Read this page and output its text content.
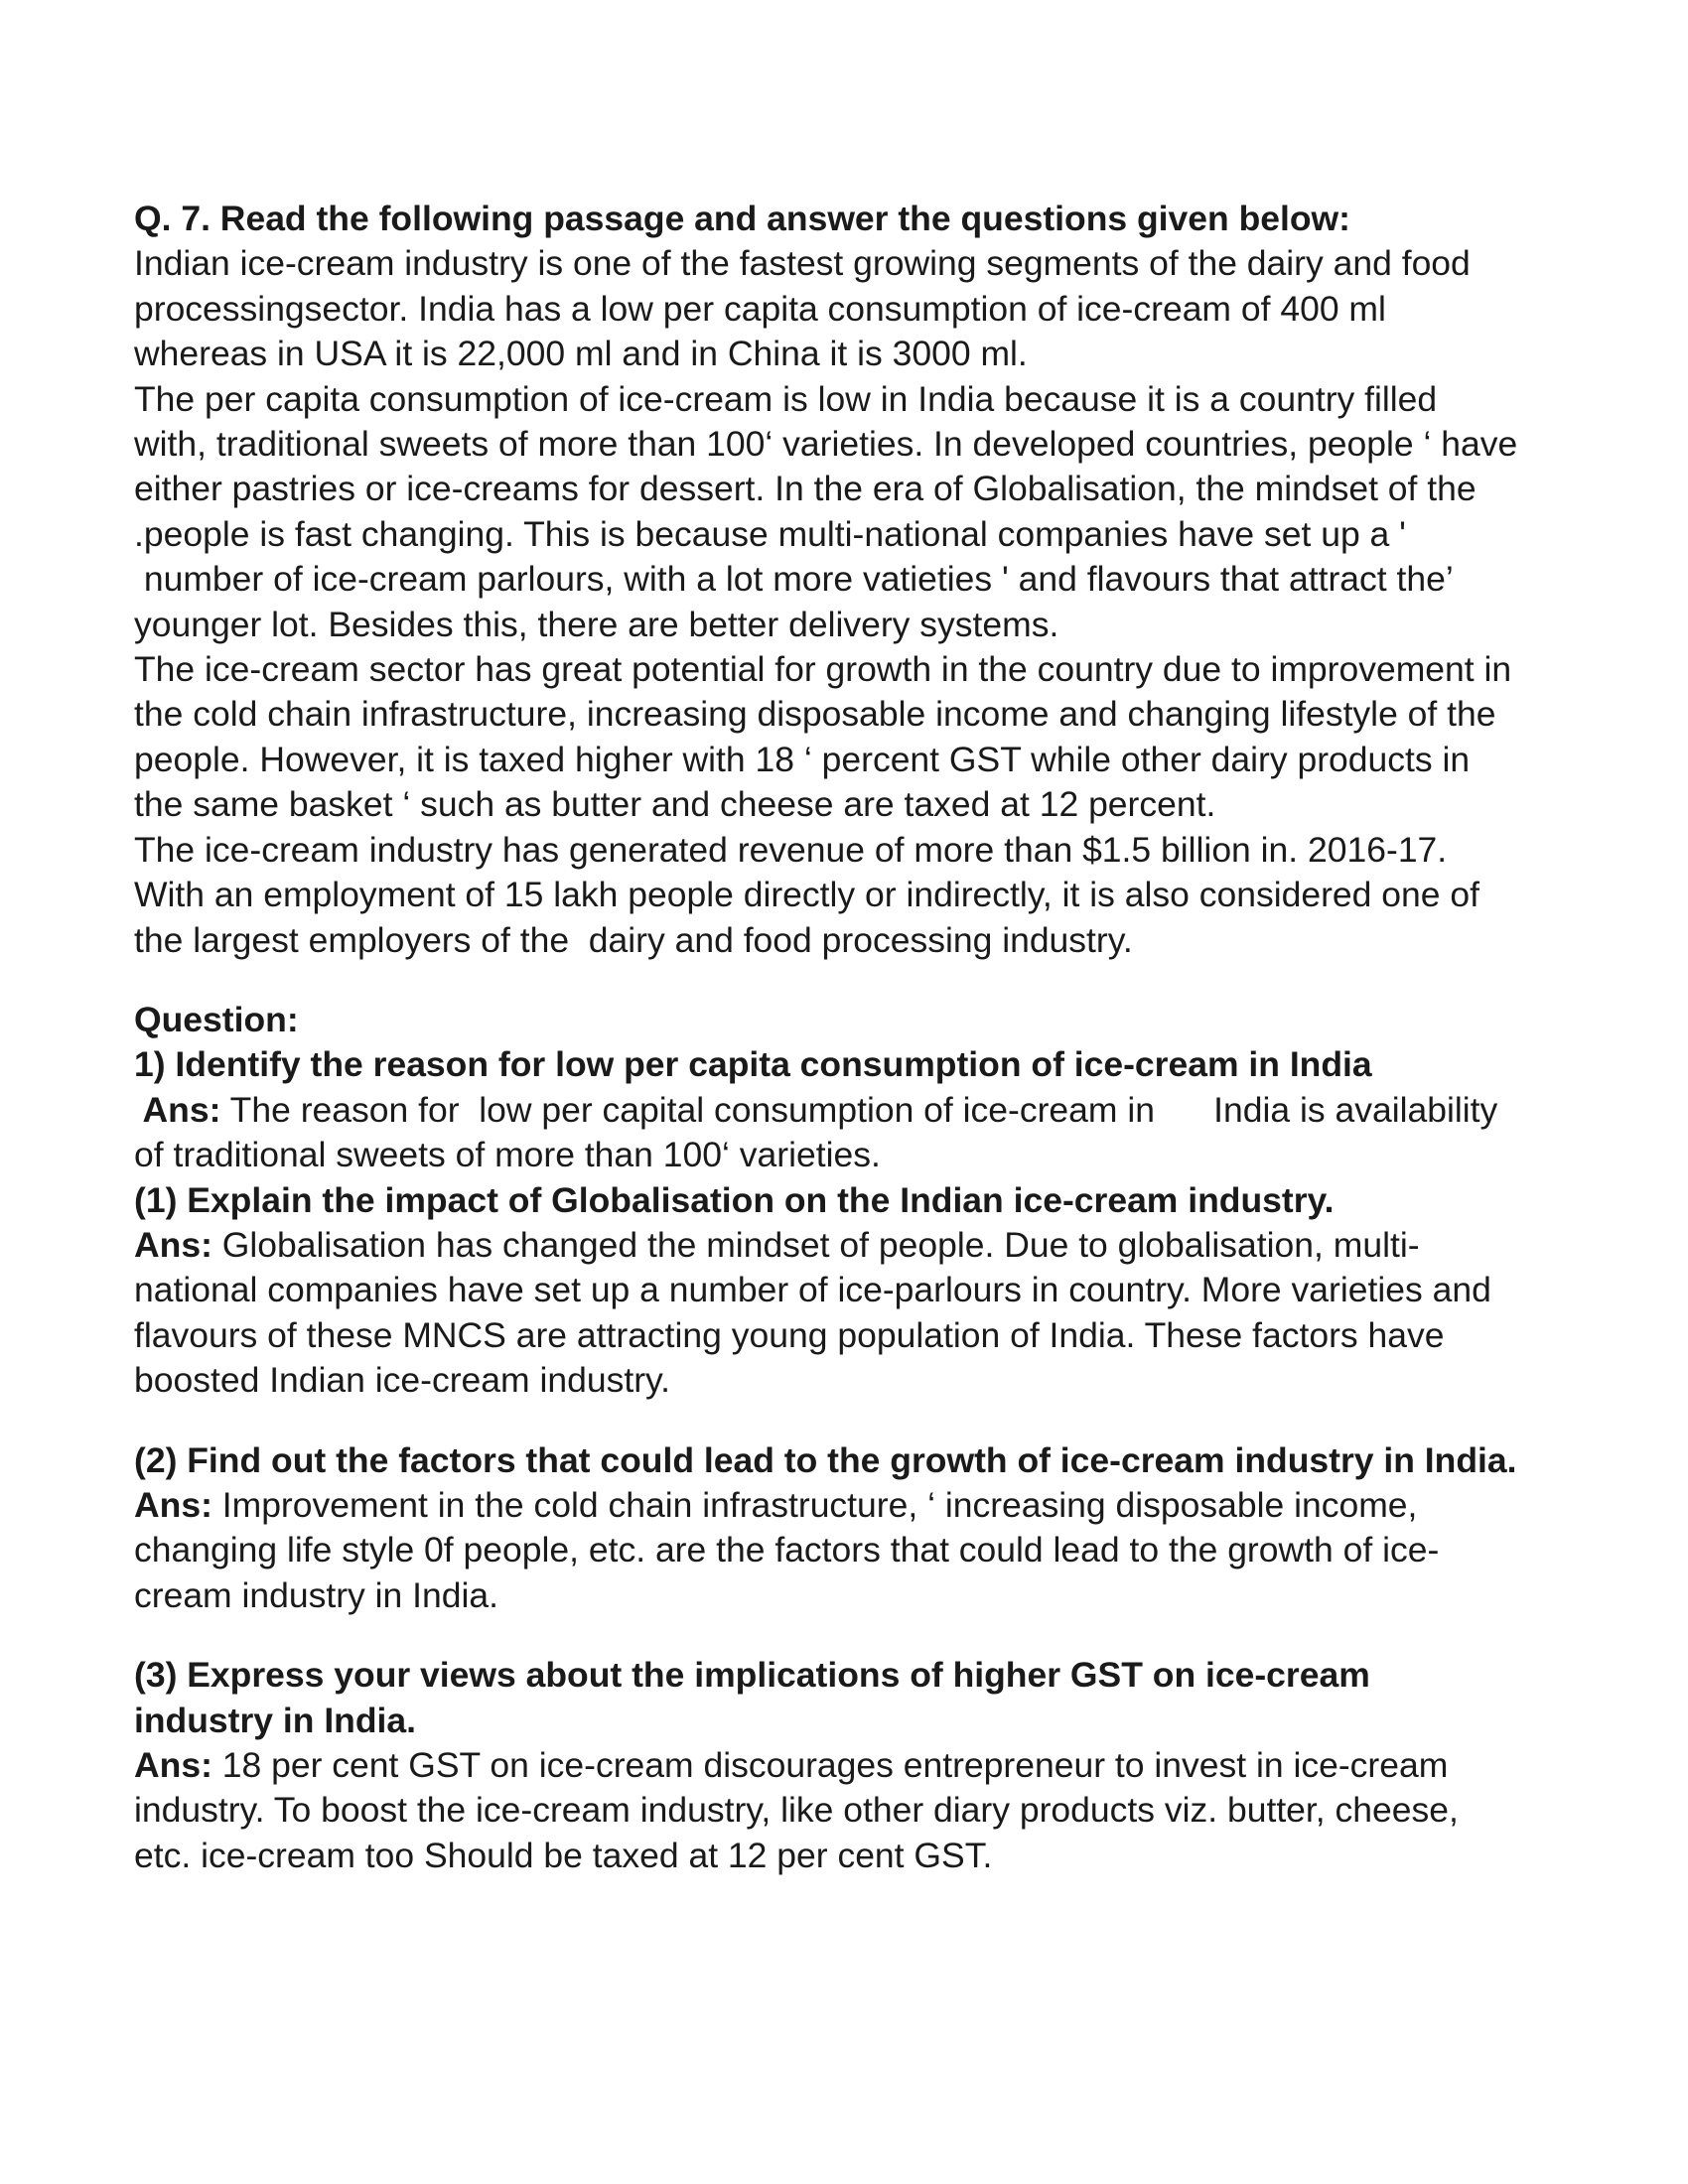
Q. 7. Read the following passage and answer the questions given below:
Indian ice-cream industry is one of the fastest growing segments of the dairy and food
processingsector. India has a low per capita consumption of ice-cream of 400 ml
whereas in USA it is 22,000 ml and in China it is 3000 ml.
The per capita consumption of ice-cream is low in India because it is a country filled
with, traditional sweets of more than 100‘ varieties. In developed countries, people ‘ have
either pastries or ice-creams for dessert. In the era of Globalisation, the mindset of the
.people is fast changing. This is because multi-national companies have set up a '
number of ice-cream parlours, with a lot more vatieties ' and flavours that attract the’
younger lot. Besides this, there are better delivery systems.
The ice-cream sector has great potential for growth in the country due to improvement in
the cold chain infrastructure, increasing disposable income and changing lifestyle of the
people. However, it is taxed higher with 18 ‘ percent GST while other dairy products in
the same basket ‘ such as butter and cheese are taxed at 12 percent.
The ice-cream industry has generated revenue of more than $1.5 billion in. 2016-17.
With an employment of 15 lakh people directly or indirectly, it is also considered one of
the largest employers of the  dairy and food processing industry.
Question:
1) Identify the reason for low per capita consumption of ice-cream in India
Ans: The reason for  low per capital consumption of ice-cream in      India is availability
of traditional sweets of more than 100‘ varieties.
(1) Explain the impact of Globalisation on the Indian ice-cream industry.
Ans: Globalisation has changed the mindset of people. Due to globalisation, multi-
national companies have set up a number of ice-parlours in country. More varieties and
flavours of these MNCS are attracting young population of India. These factors have
boosted Indian ice-cream industry.
(2) Find out the factors that could lead to the growth of ice-cream industry in India.
Ans: Improvement in the cold chain infrastructure, ‘ increasing disposable income,
changing life style 0f people, etc. are the factors that could lead to the growth of ice-
cream industry in India.
(3) Express your views about the implications of higher GST on ice-cream
industry in India.
Ans: 18 per cent GST on ice-cream discourages entrepreneur to invest in ice-cream
industry. To boost the ice-cream industry, like other diary products viz. butter, cheese,
etc. ice-cream too Should be taxed at 12 per cent GST.
